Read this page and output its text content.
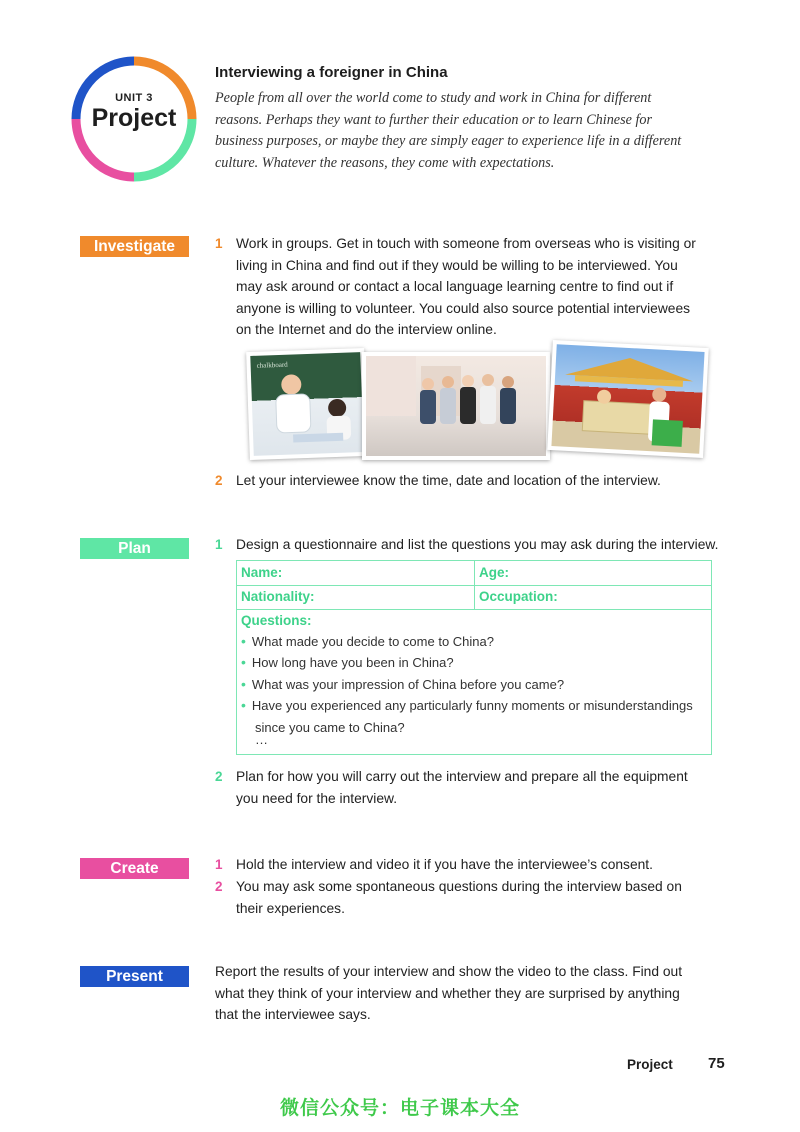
UNIT 3
Project
Interviewing a foreigner in China
People from all over the world come to study and work in China for different
reasons. Perhaps they want to further their education or to learn Chinese for
business purposes, or maybe they are simply eager to experience life in a different
culture. Whatever the reasons, they come with expectations.
Investigate	1 Work in groups. Get in touch with someone from overseas who is visiting or
living in China and find out if they would be willing to be interviewed. You
may ask around or contact a local language learning centre to find out if
anyone is willing to volunteer. You could also source potential interviewees
on the Internet and do the interview online.
chalkboard
2 Let your interviewee know the time, date and location of the interview.
Plan	1 Design a questionnaire and list the questions you may ask during the interview.
Name:	Age:
Nationality:	Occupation:
Questions:
• What made you decide to come to China?
• How long have you been in China?
• What was your impression of China before you came?
• Have you experienced any particularly funny moments or misunderstandings
since you came to China?
…
2 Plan for how you will carry out the interview and prepare all the equipment
you need for the interview.
Create	1 Hold the interview and video it if you have the interviewee’s consent.
2 You may ask some spontaneous questions during the interview based on
their experiences.
Present	Report the results of your interview and show the video to the class. Find out
what they think of your interview and whether they are surprised by anything
that the interviewee says.
Project 75
微信公众号：电子课本大全
